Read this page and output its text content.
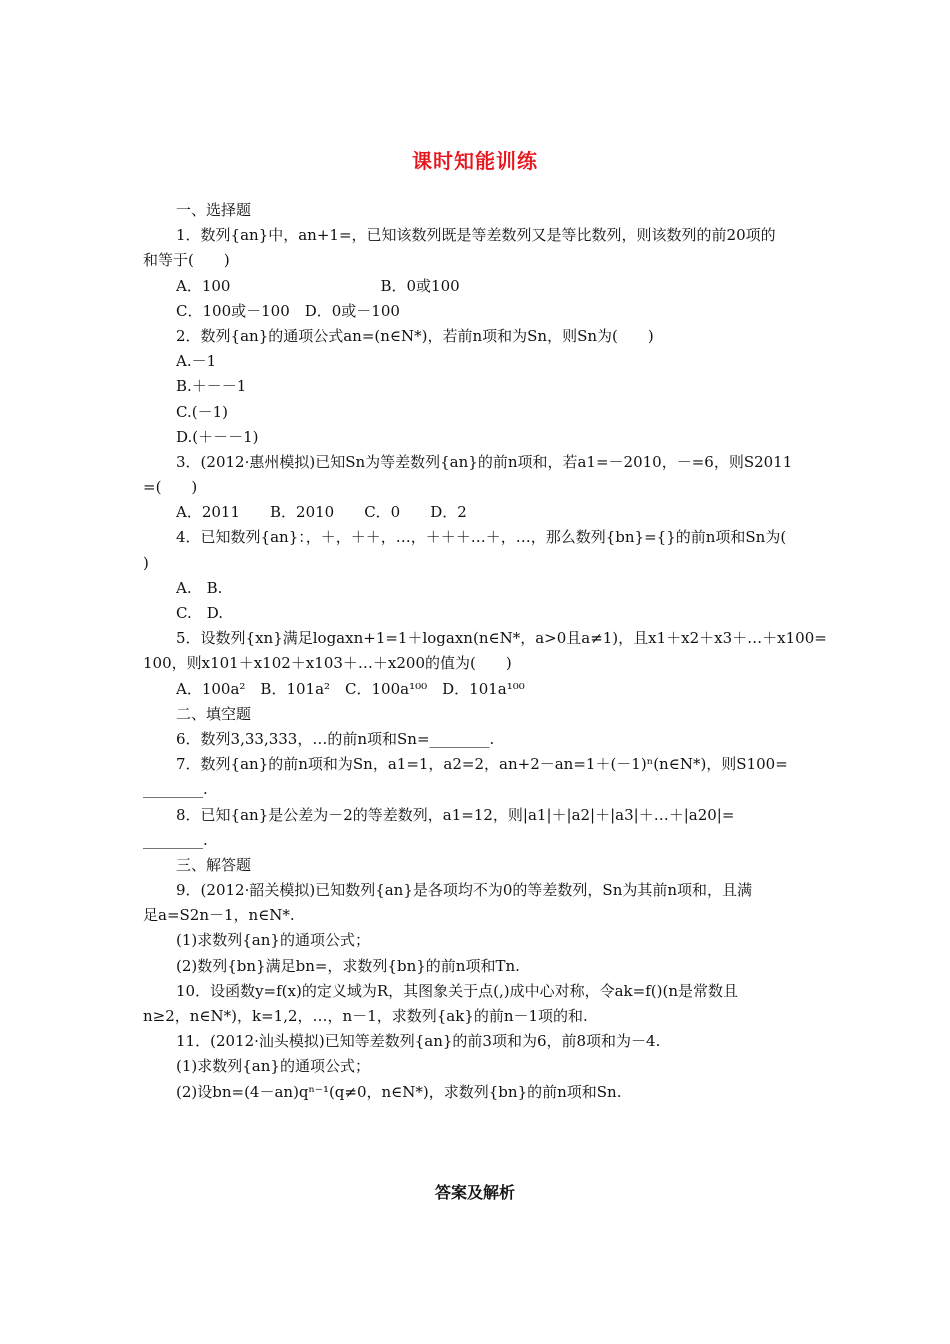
课时知能训练
一、选择题
1．数列{an}中，an+1=，已知该数列既是等差数列又是等比数列，则该数列的前20项的
和等于(　　)
A．100　　　　　　　　　　B．0或100
C．100或－100　D．0或－100
2．数列{an}的通项公式an=(n∈N*)，若前n项和为Sn，则Sn为(　　)
A.－1
B.＋－－1
C.(－1)
D.(＋－－1)
3．(2012·惠州模拟)已知Sn为等差数列{an}的前n项和，若a1=－2010，－=6，则S2011
=(　　)
A．2011　　B．2010　　C．0　　D．2
4．已知数列{an}：，＋，＋＋，…，＋＋＋…＋，…，那么数列{bn}={}的前n项和Sn为(
)
A.　B.
C.　D.
5．设数列{xn}满足logaxn+1=1＋logaxn(n∈N*，a>0且a≠1)，且x1＋x2＋x3＋…＋x100=
100，则x101＋x102＋x103＋…＋x200的值为(　　)
A．100a²　B．101a²　C．100a¹⁰⁰　D．101a¹⁰⁰
二、填空题
6．数列3,33,333，…的前n项和Sn=________.
7．数列{an}的前n项和为Sn，a1=1，a2=2，an+2－an=1＋(－1)ⁿ(n∈N*)，则S100=
________.
8．已知{an}是公差为－2的等差数列，a1=12，则|a1|＋|a2|＋|a3|＋…＋|a20|=
________.
三、解答题
9．(2012·韶关模拟)已知数列{an}是各项均不为0的等差数列，Sn为其前n项和，且满
足a=S2n－1，n∈N*.
(1)求数列{an}的通项公式；
(2)数列{bn}满足bn=，求数列{bn}的前n项和Tn.
10．设函数y=f(x)的定义域为R，其图象关于点(,)成中心对称，令ak=f()(n是常数且
n≥2，n∈N*)，k=1,2，…，n－1，求数列{ak}的前n－1项的和.
11．(2012·汕头模拟)已知等差数列{an}的前3项和为6，前8项和为－4.
(1)求数列{an}的通项公式；
(2)设bn=(4－an)qⁿ⁻¹(q≠0，n∈N*)，求数列{bn}的前n项和Sn.
答案及解析
